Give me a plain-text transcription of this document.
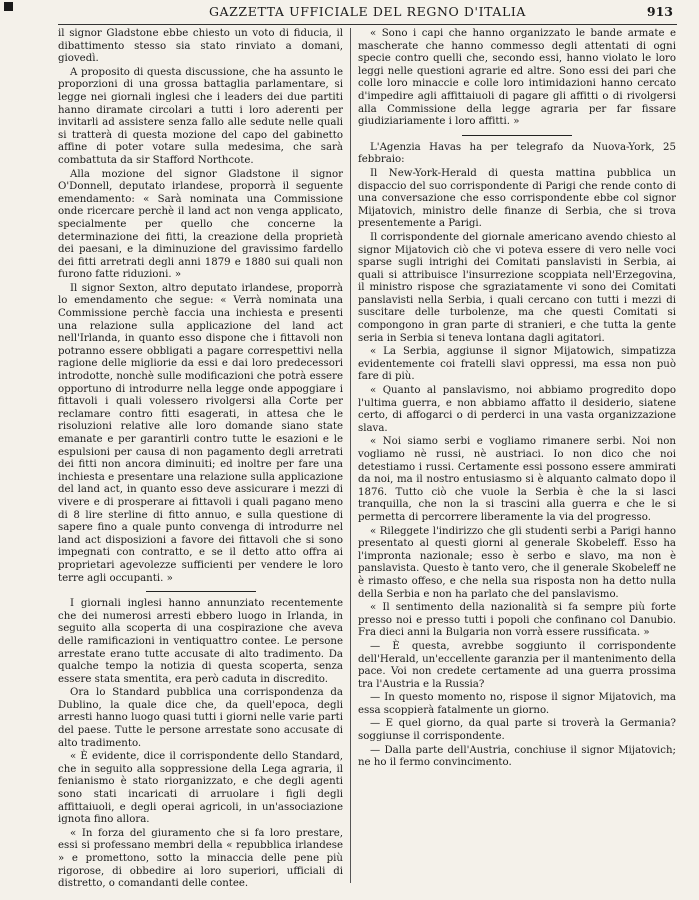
GAZZETTA UFFICIALE DEL REGNO D'ITALIA	913

il signor Gladstone ebbe chiesto un voto di fiducia, il dibattimento stesso sia stato rinviato a domani, giovedì.

A proposito di questa discussione, che ha assunto le proporzioni di una grossa battaglia parlamentare, si legge nei giornali inglesi che i leaders dei due partiti hanno diramate circolari a tutti i loro aderenti per invitarli ad assistere senza fallo alle sedute nelle quali si tratterà di questa mozione del capo del gabinetto affine di poter votare sulla medesima, che sarà combattuta da sir Stafford Northcote.

Alla mozione del signor Gladstone il signor O'Donnell, deputato irlandese, proporrà il seguente emendamento: « Sarà nominata una Commissione onde ricercare perchè il land act non venga applicato, specialmente per quello che concerne la determinazione dei fitti, la creazione della proprietà dei paesani, e la diminuzione del gravissimo fardello dei fitti arretrati degli anni 1879 e 1880 sui quali non furono fatte riduzioni. »

Il signor Sexton, altro deputato irlandese, proporrà lo emendamento che segue: « Verrà nominata una Commissione perchè faccia una inchiesta e presenti una relazione sulla applicazione del land act nell'Irlanda, in quanto esso dispone che i fittavoli non potranno essere obbligati a pagare correspettivi nella ragione delle migliorie da essi e dai loro predecessori introdotte, nonchè sulle modificazioni che potrà essere opportuno di introdurre nella legge onde appoggiare i fittavoli i quali volessero rivolgersi alla Corte per reclamare contro fitti esagerati, in attesa che le risoluzioni relative alle loro domande siano state emanate e per garantirli contro tutte le esazioni e le espulsioni per causa di non pagamento degli arretrati dei fitti non ancora diminuiti; ed inoltre per fare una inchiesta e presentare una relazione sulla applicazione del land act, in quanto esso deve assicurare i mezzi di vivere e di prosperare ai fittavoli i quali pagano meno di 8 lire sterline di fitto annuo, e sulla questione di sapere fino a quale punto convenga di introdurre nel land act disposizioni a favore dei fittavoli che si sono impegnati con contratto, e se il detto atto offra ai proprietari agevolezze sufficienti per vendere le loro terre agli occupanti. »

I giornali inglesi hanno annunziato recentemente che dei numerosi arresti ebbero luogo in Irlanda, in seguito alla scoperta di una cospirazione che aveva delle ramificazioni in ventiquattro contee. Le persone arrestate erano tutte accusate di alto tradimento. Da qualche tempo la notizia di questa scoperta, senza essere stata smentita, era però caduta in discredito.

Ora lo Standard pubblica una corrispondenza da Dublino, la quale dice che, da quell'epoca, degli arresti hanno luogo quasi tutti i giorni nelle varie parti del paese. Tutte le persone arrestate sono accusate di alto tradimento.

« È evidente, dice il corrispondente dello Standard, che in seguito alla soppressione della Lega agraria, il fenianismo è stato riorganizzato, e che degli agenti sono stati incaricati di arruolare i figli degli affittaiuoli, e degli operai agricoli, in un'associazione ignota fino allora.

« In forza del giuramento che si fa loro prestare, essi si professano membri della « repubblica irlandese » e promettono, sotto la minaccia delle pene più rigorose, di obbedire ai loro superiori, ufficiali di distretto, o comandanti delle contee.

« Sono i capi che hanno organizzato le bande armate e mascherate che hanno commesso degli attentati di ogni specie contro quelli che, secondo essi, hanno violato le loro leggi nelle questioni agrarie ed altre. Sono essi dei pari che colle loro minaccie e colle loro intimidazioni hanno cercato d'impedire agli affittaiuoli di pagare gli affitti o di rivolgersi alla Commissione della legge agraria per far fissare giudiziariamente i loro affitti. »

L'Agenzia Havas ha per telegrafo da Nuova-York, 25 febbraio:

Il New-York-Herald di questa mattina pubblica un dispaccio del suo corrispondente di Parigi che rende conto di una conversazione che esso corrispondente ebbe col signor Mijatovich, ministro delle finanze di Serbia, che si trova presentemente a Parigi.

Il corrispondente del giornale americano avendo chiesto al signor Mijatovich ciò che vi poteva essere di vero nelle voci sparse sugli intrighi dei Comitati panslavisti in Serbia, ai quali si attribuisce l'insurrezione scoppiata nell'Erzegovina, il ministro rispose che sgraziatamente vi sono dei Comitati panslavisti nella Serbia, i quali cercano con tutti i mezzi di suscitare delle turbolenze, ma che questi Comitati si compongono in gran parte di stranieri, e che tutta la gente seria in Serbia si teneva lontana dagli agitatori.

« La Serbia, aggiunse il signor Mijatowich, simpatizza evidentemente coi fratelli slavi oppressi, ma essa non può fare di più.

« Quanto al panslavismo, noi abbiamo progredito dopo l'ultima guerra, e non abbiamo affatto il desiderio, siatene certo, di affogarci o di perderci in una vasta organizzazione slava.

« Noi siamo serbi e vogliamo rimanere serbi. Noi non vogliamo nè russi, nè austriaci. Io non dico che noi detestiamo i russi. Certamente essi possono essere ammirati da noi, ma il nostro entusiasmo si è alquanto calmato dopo il 1876. Tutto ciò che vuole la Serbia è che la si lasci tranquilla, che non la si trascini alla guerra e che le si permetta di percorrere liberamente la via del progresso.

« Rileggete l'indirizzo che gli studenti serbi a Parigi hanno presentato al questi giorni al generale Skobeleff. Esso ha l'impronta nazionale; esso è serbo e slavo, ma non è panslavista. Questo è tanto vero, che il generale Skobeleff ne è rimasto offeso, e che nella sua risposta non ha detto nulla della Serbia e non ha parlato che del panslavismo.

« Il sentimento della nazionalità si fa sempre più forte presso noi e presso tutti i popoli che confinano col Danubio. Fra dieci anni la Bulgaria non vorrà essere russificata. »

— È questa, avrebbe soggiunto il corrispondente dell'Herald, un'eccellente garanzia per il mantenimento della pace. Voi non credete certamente ad una guerra prossima tra l'Austria e la Russia?

— In questo momento no, rispose il signor Mijatovich, ma essa scoppierà fatalmente un giorno.

— E quel giorno, da qual parte si troverà la Germania? soggiunse il corrispondente.

— Dalla parte dell'Austria, conchiuse il signor Mijatovich; ne ho il fermo convincimento.
